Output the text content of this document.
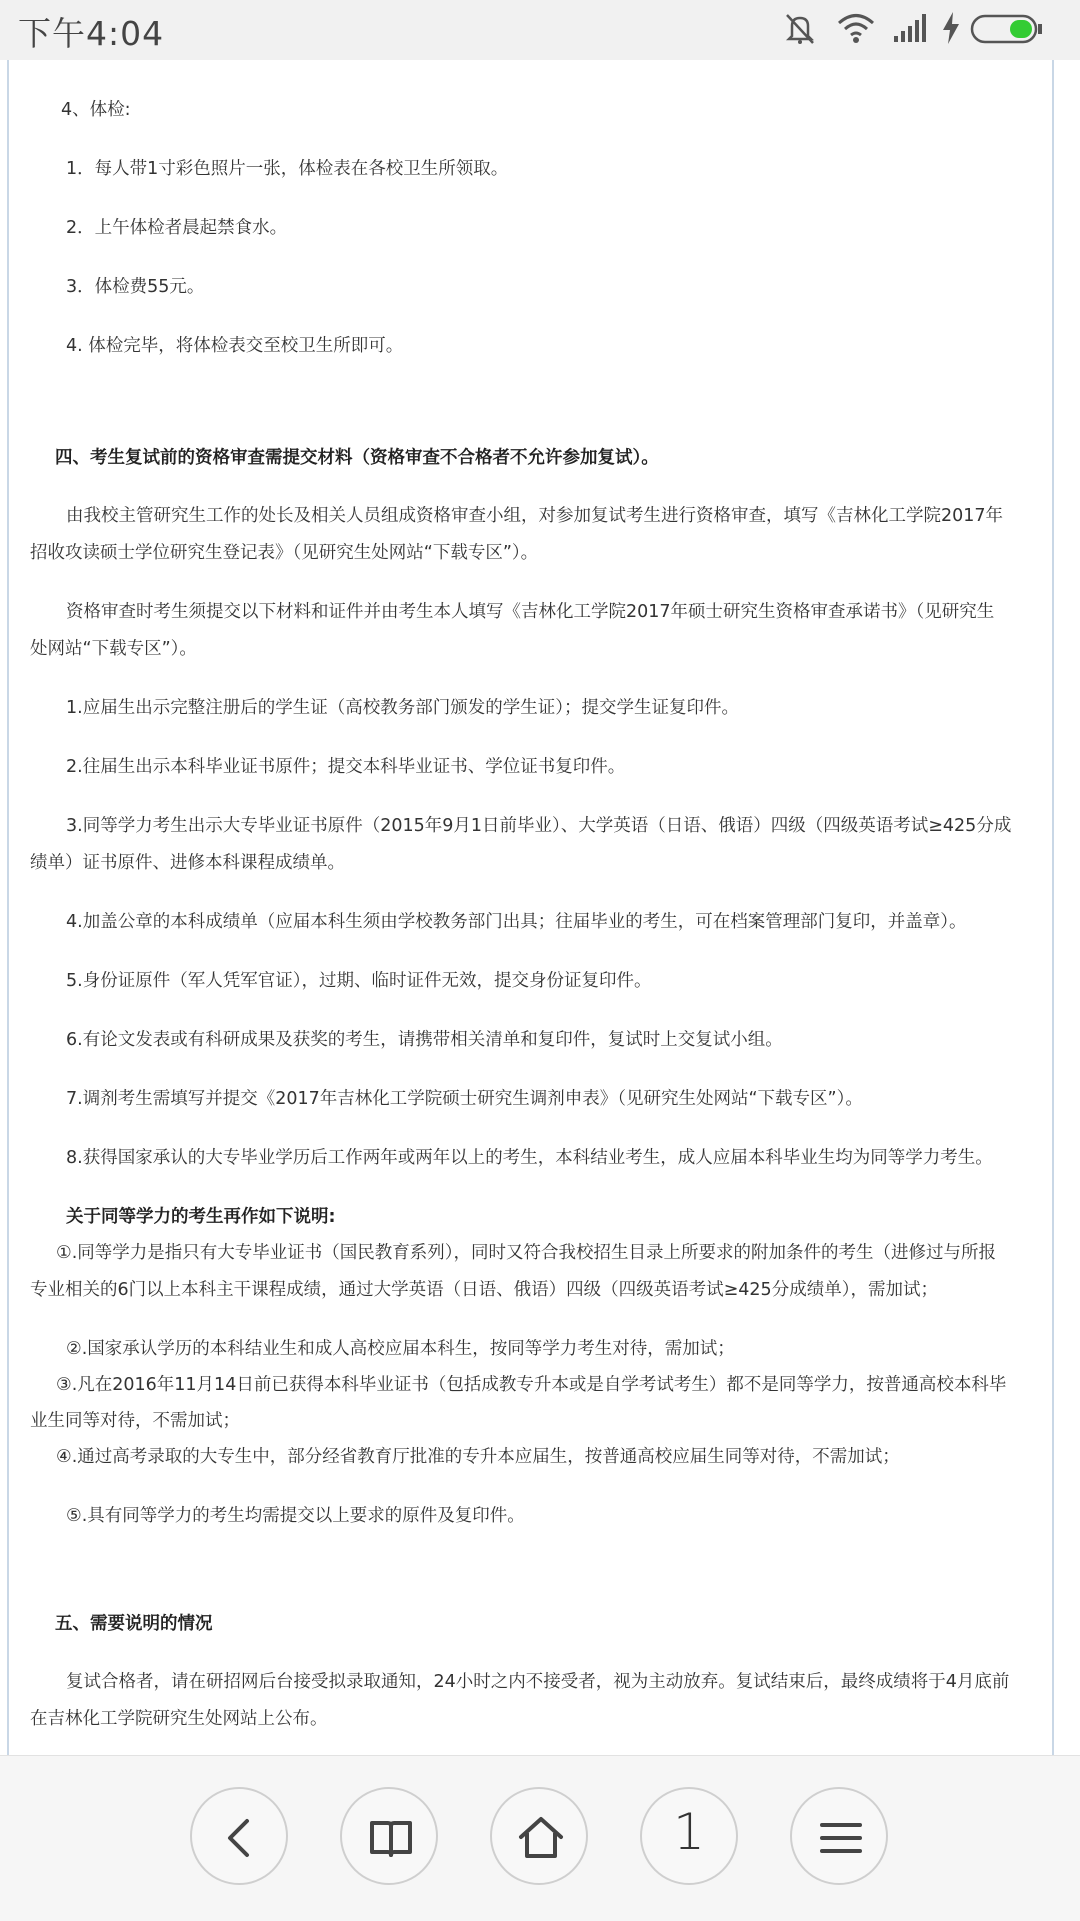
下午4:04
4、体检:
1．每人带1寸彩色照片一张，体检表在各校卫生所领取。
2．上午体检者晨起禁食水。
3．体检费55元。
4. 体检完毕，将体检表交至校卫生所即可。
四、考生复试前的资格审查需提交材料（资格审查不合格者不允许参加复试）。
由我校主管研究生工作的处长及相关人员组成资格审查小组，对参加复试考生进行资格审查，填写《吉林化工学院2017年
招收攻读硕士学位研究生登记表》（见研究生处网站“下载专区”）。
资格审查时考生须提交以下材料和证件并由考生本人填写《吉林化工学院2017年硕士研究生资格审查承诺书》（见研究生
处网站“下载专区”）。
1.应届生出示完整注册后的学生证（高校教务部门颁发的学生证）；提交学生证复印件。
2.往届生出示本科毕业证书原件；提交本科毕业证书、学位证书复印件。
3.同等学力考生出示大专毕业证书原件（2015年9月1日前毕业）、大学英语（日语、俄语）四级（四级英语考试≥425分成
绩单）证书原件、进修本科课程成绩单。
4.加盖公章的本科成绩单（应届本科生须由学校教务部门出具；往届毕业的考生，可在档案管理部门复印，并盖章）。
5.身份证原件（军人凭军官证），过期、临时证件无效，提交身份证复印件。
6.有论文发表或有科研成果及获奖的考生，请携带相关清单和复印件，复试时上交复试小组。
7.调剂考生需填写并提交《2017年吉林化工学院硕士研究生调剂申表》（见研究生处网站“下载专区”）。
8.获得国家承认的大专毕业学历后工作两年或两年以上的考生，本科结业考生，成人应届本科毕业生均为同等学力考生。
关于同等学力的考生再作如下说明:
①.同等学力是指只有大专毕业证书（国民教育系列），同时又符合我校招生目录上所要求的附加条件的考生（进修过与所报
专业相关的6门以上本科主干课程成绩，通过大学英语（日语、俄语）四级（四级英语考试≥425分成绩单），需加试；
②.国家承认学历的本科结业生和成人高校应届本科生，按同等学力考生对待，需加试；
③.凡在2016年11月14日前已获得本科毕业证书（包括成教专升本或是自学考试考生）都不是同等学力，按普通高校本科毕
业生同等对待，不需加试；
④.通过高考录取的大专生中，部分经省教育厅批准的专升本应届生，按普通高校应届生同等对待，不需加试；
⑤.具有同等学力的考生均需提交以上要求的原件及复印件。
五、需要说明的情况
复试合格者，请在研招网后台接受拟录取通知，24小时之内不接受者，视为主动放弃。复试结束后，最终成绩将于4月底前
在吉林化工学院研究生处网站上公布。
1
